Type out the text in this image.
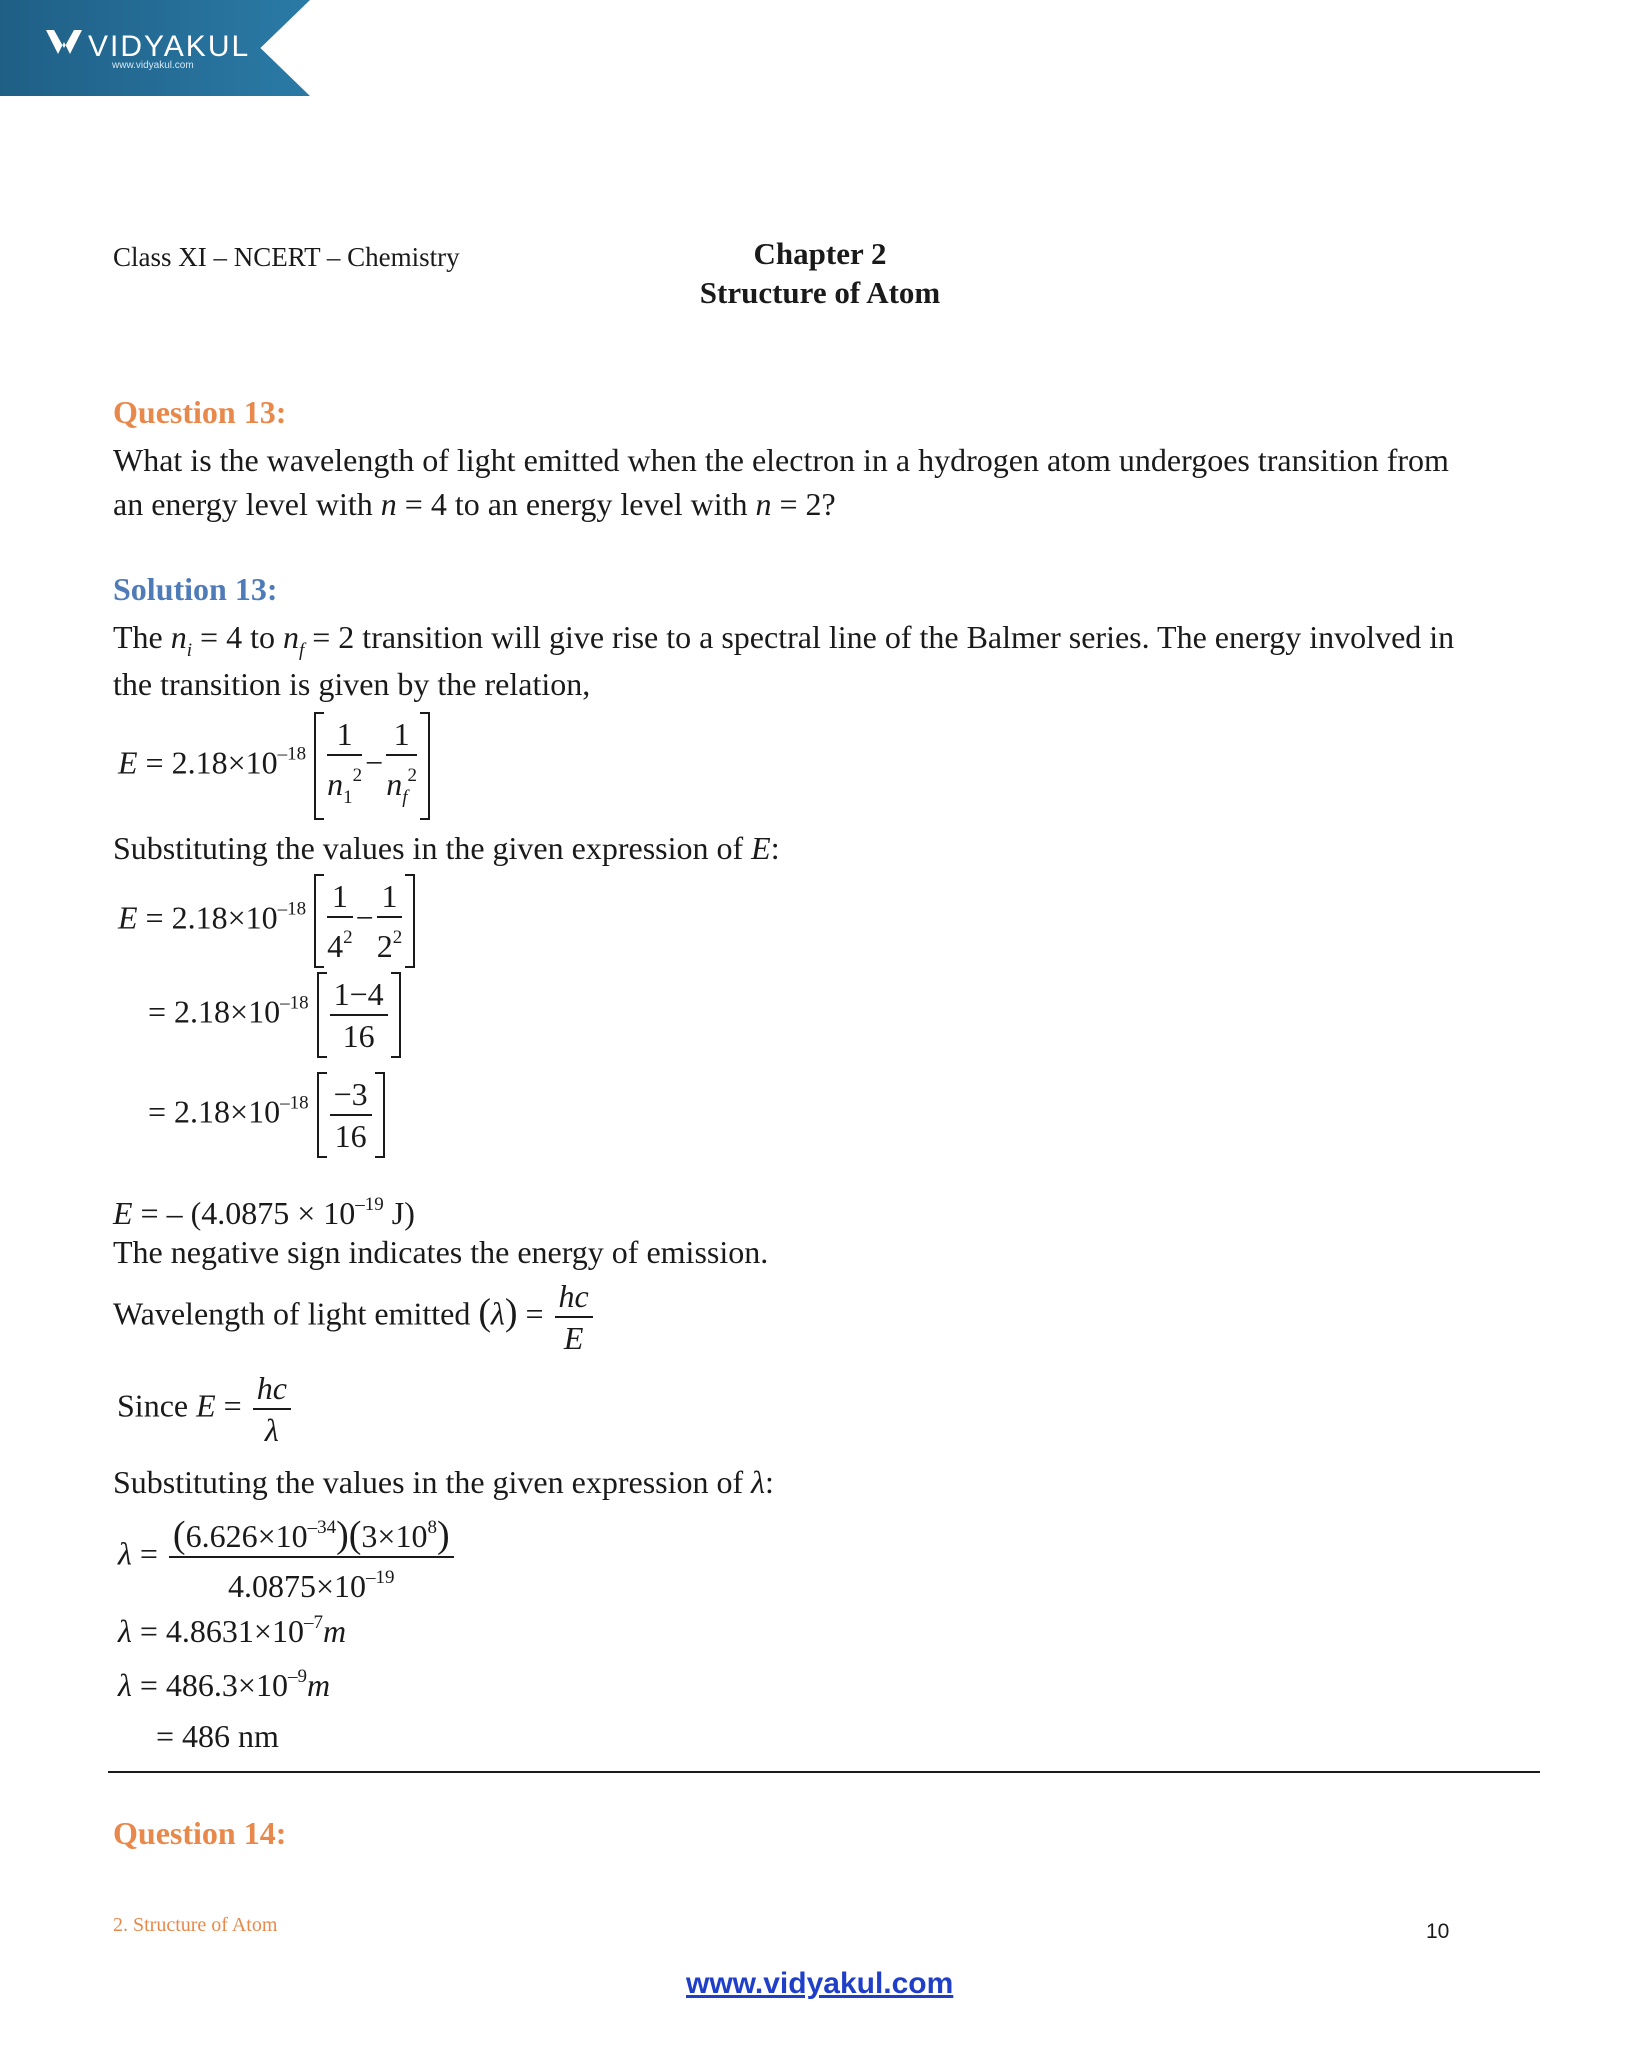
VIDYAKUL
www.vidyakul.com
Class XI – NCERT – Chemistry	Chapter 2
Structure of Atom
Question 13:
What is the wavelength of light emitted when the electron in a hydrogen atom undergoes transition from
an energy level with n = 4 to an energy level with n = 2?
Solution 13:
The $n_i = 4$ to $n_f = 2$ transition will give rise to a spectral line of the Balmer series. The energy involved in
the transition is given by the relation,
$E = 2.18\times 10^{-18} \frac{1}{n_1^2} - \frac{1}{n_f^2}$
Substituting the values in the given expression of E:
$E = 2.18\times 10^{-18} \frac{1}{4^2} - \frac{1}{2^2}$
= $2.18\times 10^{-18} \frac{1-4}{16}$
= $2.18\times 10^{-18} \frac{-3}{16}$
E = – ($4.0875 \times 10^{-19}$ J)
The negative sign indicates the energy of emission.
Wavelength of light emitted $(\lambda) = \frac{hc}{E}$
Since $E = \frac{hc}{\lambda}$
Substituting the values in the given expression of λ:
$\lambda = \frac{(6.626\times 10^{-34})(3\times 10^8)}{4.0875\times 10^{-19}}$
$\lambda = 4.8631\times 10^{-7}m$
$\lambda = 486.3\times 10^{-9}m$
= 486 nm
Question 14:
2. Structure of Atom	10
www.vidyakul.com
